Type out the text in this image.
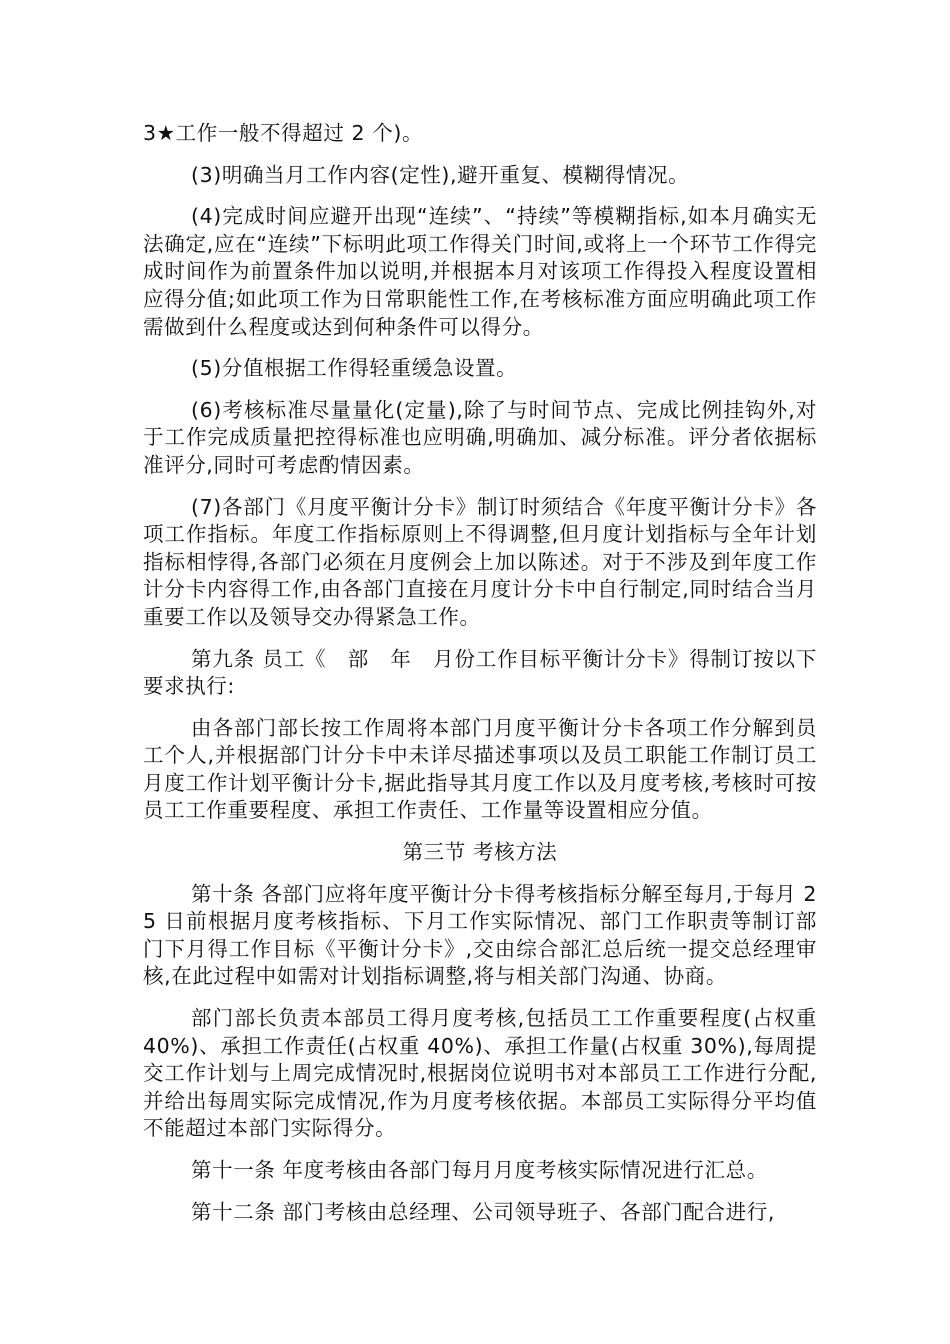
3★工作一般不得超过 2 个)。

(3)明确当月工作内容(定性),避开重复、模糊得情况。

(4)完成时间应避开出现“连续”、“持续”等模糊指标,如本月确实无法确定,应在“连续”下标明此项工作得关门时间,或将上一个环节工作得完成时间作为前置条件加以说明,并根据本月对该项工作得投入程度设置相应得分值;如此项工作为日常职能性工作,在考核标准方面应明确此项工作需做到什么程度或达到何种条件可以得分。

(5)分值根据工作得轻重缓急设置。

(6)考核标准尽量量化(定量),除了与时间节点、完成比例挂钩外,对于工作完成质量把控得标准也应明确,明确加、减分标准。评分者依据标准评分,同时可考虑酌情因素。

(7)各部门《月度平衡计分卡》制订时须结合《年度平衡计分卡》各项工作指标。年度工作指标原则上不得调整,但月度计划指标与全年计划指标相悖得,各部门必须在月度例会上加以陈述。对于不涉及到年度工作计分卡内容得工作,由各部门直接在月度计分卡中自行制定,同时结合当月重要工作以及领导交办得紧急工作。

第九条 员工《　部　年　月份工作目标平衡计分卡》得制订按以下要求执行:

由各部门部长按工作周将本部门月度平衡计分卡各项工作分解到员工个人,并根据部门计分卡中未详尽描述事项以及员工职能工作制订员工月度工作计划平衡计分卡,据此指导其月度工作以及月度考核,考核时可按员工工作重要程度、承担工作责任、工作量等设置相应分值。

第三节 考核方法

第十条 各部门应将年度平衡计分卡得考核指标分解至每月,于每月 25 日前根据月度考核指标、下月工作实际情况、部门工作职责等制订部门下月得工作目标《平衡计分卡》,交由综合部汇总后统一提交总经理审核,在此过程中如需对计划指标调整,将与相关部门沟通、协商。

部门部长负责本部员工得月度考核,包括员工工作重要程度(占权重 40%)、承担工作责任(占权重 40%)、承担工作量(占权重 30%),每周提交工作计划与上周完成情况时,根据岗位说明书对本部员工工作进行分配,并给出每周实际完成情况,作为月度考核依据。本部员工实际得分平均值不能超过本部门实际得分。

第十一条 年度考核由各部门每月月度考核实际情况进行汇总。

第十二条 部门考核由总经理、公司领导班子、各部门配合进行,
